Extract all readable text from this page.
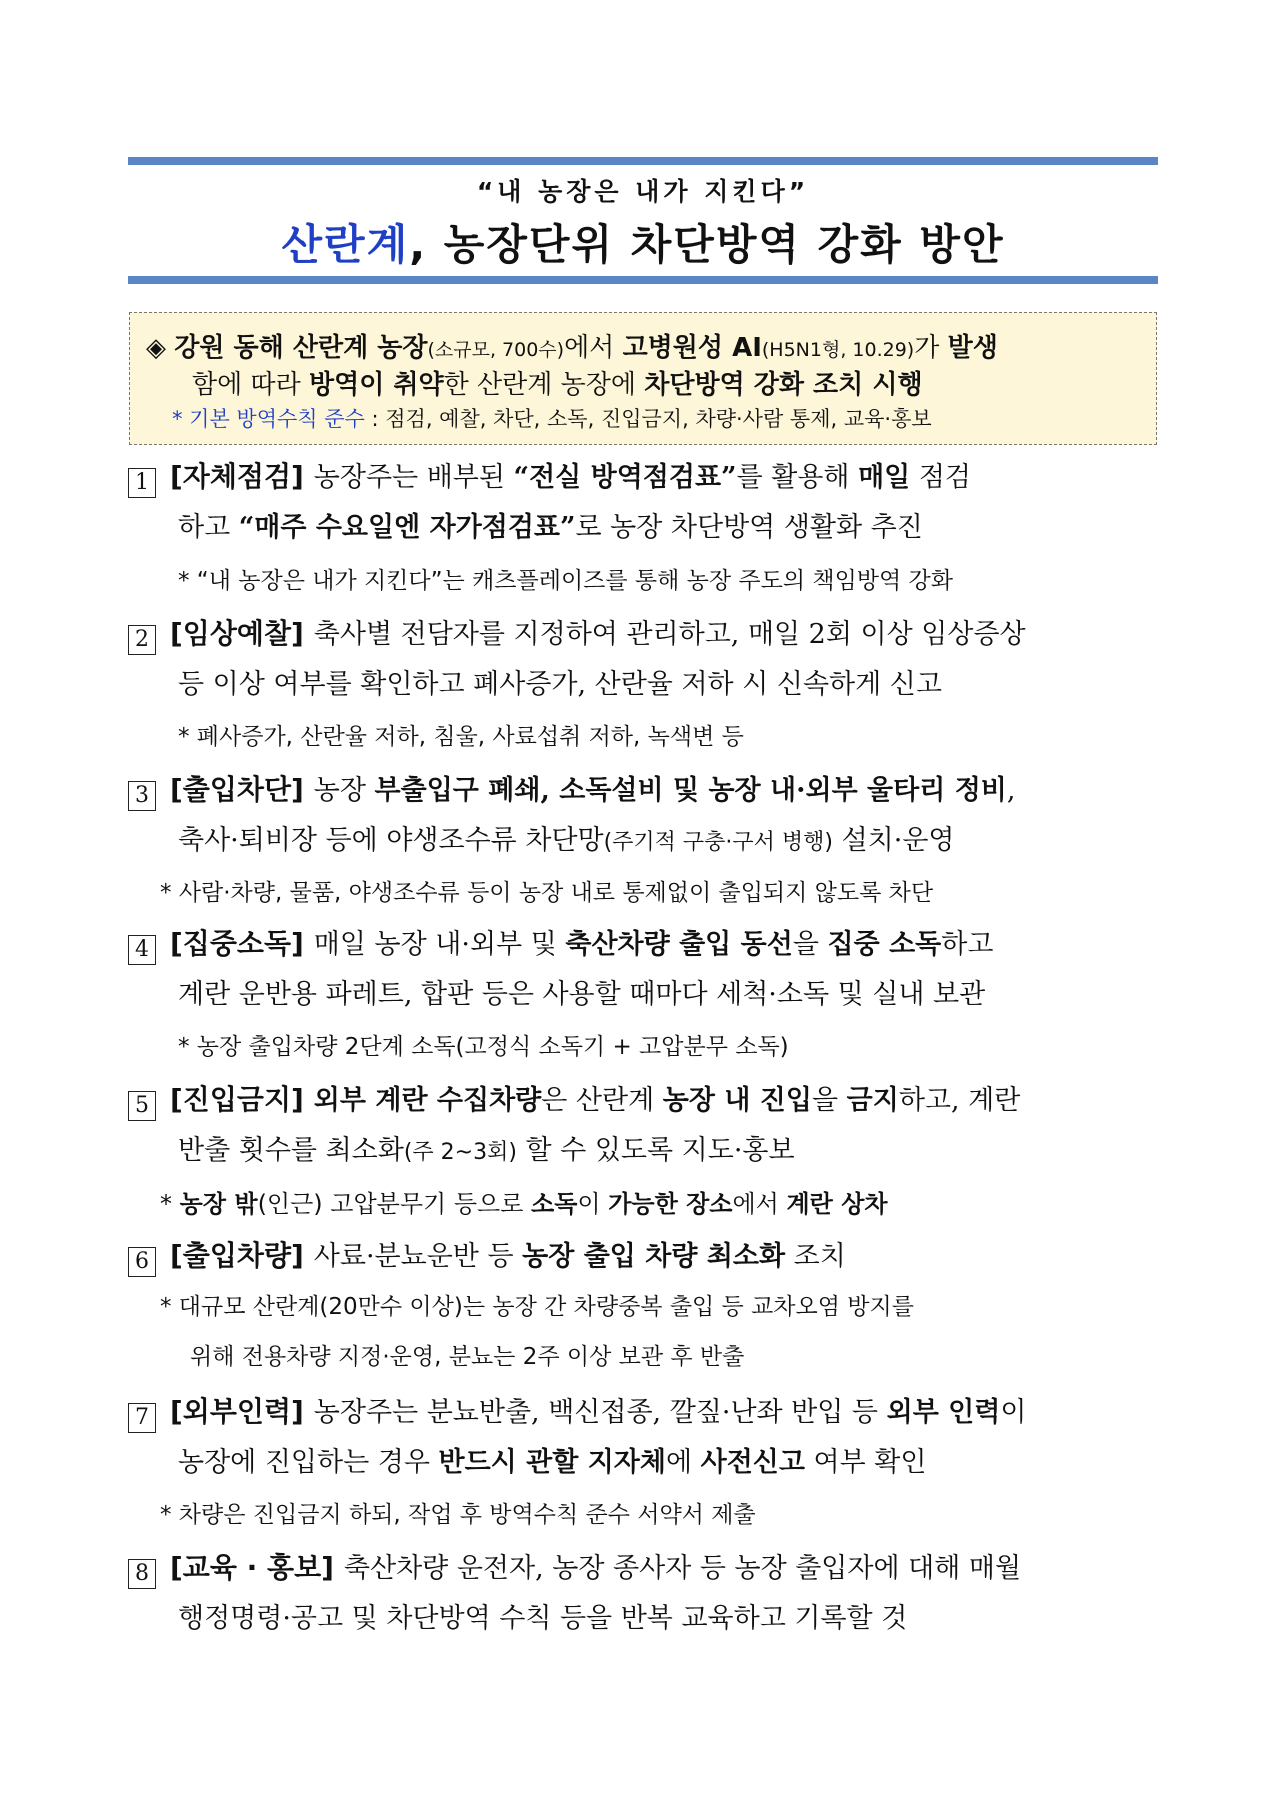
“내 농장은 내가 지킨다”
산란계, 농장단위 차단방역 강화 방안
◈ 강원 동해 산란계 농장(소규모, 700수)에서 고병원성 AI(H5N1형, 10.29)가 발생
함에 따라 방역이 취약한 산란계 농장에 차단방역 강화 조치 시행
* 기본 방역수칙 준수 : 점검, 예찰, 차단, 소독, 진입금지, 차량·사람 통제, 교육·홍보
1 [자체점검] 농장주는 배부된 “전실 방역점검표”를 활용해 매일 점검
하고 “매주 수요일엔 자가점검표”로 농장 차단방역 생활화 추진
* “내 농장은 내가 지킨다”는 캐츠플레이즈를 통해 농장 주도의 책임방역 강화
2 [임상예찰] 축사별 전담자를 지정하여 관리하고, 매일 2회 이상 임상증상
등 이상 여부를 확인하고 폐사증가, 산란율 저하 시 신속하게 신고
* 폐사증가, 산란율 저하, 침울, 사료섭취 저하, 녹색변 등
3 [출입차단] 농장 부출입구 폐쇄, 소독설비 및 농장 내·외부 울타리 정비,
축사·퇴비장 등에 야생조수류 차단망(주기적 구충·구서 병행) 설치·운영
* 사람·차량, 물품, 야생조수류 등이 농장 내로 통제없이 출입되지 않도록 차단
4 [집중소독] 매일 농장 내·외부 및 축산차량 출입 동선을 집중 소독하고
계란 운반용 파레트, 합판 등은 사용할 때마다 세척·소독 및 실내 보관
* 농장 출입차량 2단계 소독(고정식 소독기 + 고압분무 소독)
5 [진입금지] 외부 계란 수집차량은 산란계 농장 내 진입을 금지하고, 계란
반출 횟수를 최소화(주 2~3회) 할 수 있도록 지도·홍보
* 농장 밖(인근) 고압분무기 등으로 소독이 가능한 장소에서 계란 상차
6 [출입차량] 사료·분뇨운반 등 농장 출입 차량 최소화 조치
* 대규모 산란계(20만수 이상)는 농장 간 차량중복 출입 등 교차오염 방지를
위해 전용차량 지정·운영, 분뇨는 2주 이상 보관 후 반출
7 [외부인력] 농장주는 분뇨반출, 백신접종, 깔짚·난좌 반입 등 외부 인력이
농장에 진입하는 경우 반드시 관할 지자체에 사전신고 여부 확인
* 차량은 진입금지 하되, 작업 후 방역수칙 준수 서약서 제출
8 [교육 · 홍보] 축산차량 운전자, 농장 종사자 등 농장 출입자에 대해 매월
행정명령·공고 및 차단방역 수칙 등을 반복 교육하고 기록할 것
